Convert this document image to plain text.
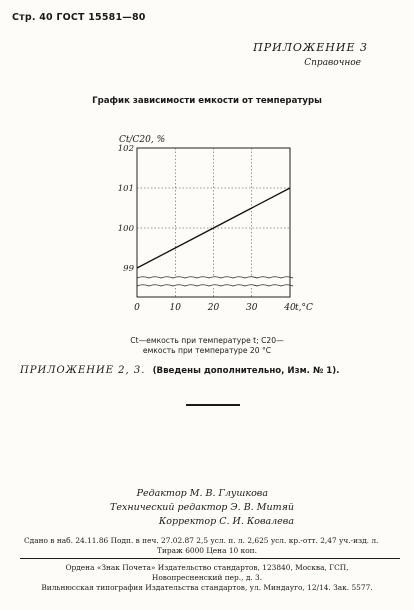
Стр. 40 ГОСТ 15581—80
ПРИЛОЖЕНИЕ 3
Справочное
График зависимости емкости от температуры
99
100
101
102
0	10	20	30	40 t,°C
Ct/C20, %
Ct—емкость при температуре t; C20—
емкость при температуре 20 °С
ПРИЛОЖЕНИЕ 2, 3. (Введены дополнительно, Изм. № 1).
Редактор М. В. Глушкова
Технический редактор Э. В. Митяй
Корректор С. И. Ковалева
Сдано в наб. 24.11.86 Подп. в печ. 27.02.87 2,5 усл. п. л. 2,625 усл. кр.-отт. 2,47 уч.-изд. л.
Тираж 6000 Цена 10 коп.
Ордена «Знак Почета» Издательство стандартов, 123840, Москва, ГСП,
Новопресненский пер., д. 3.
Вильнюсская типография Издательства стандартов, ул. Миндауго, 12/14. Зак. 5577.
